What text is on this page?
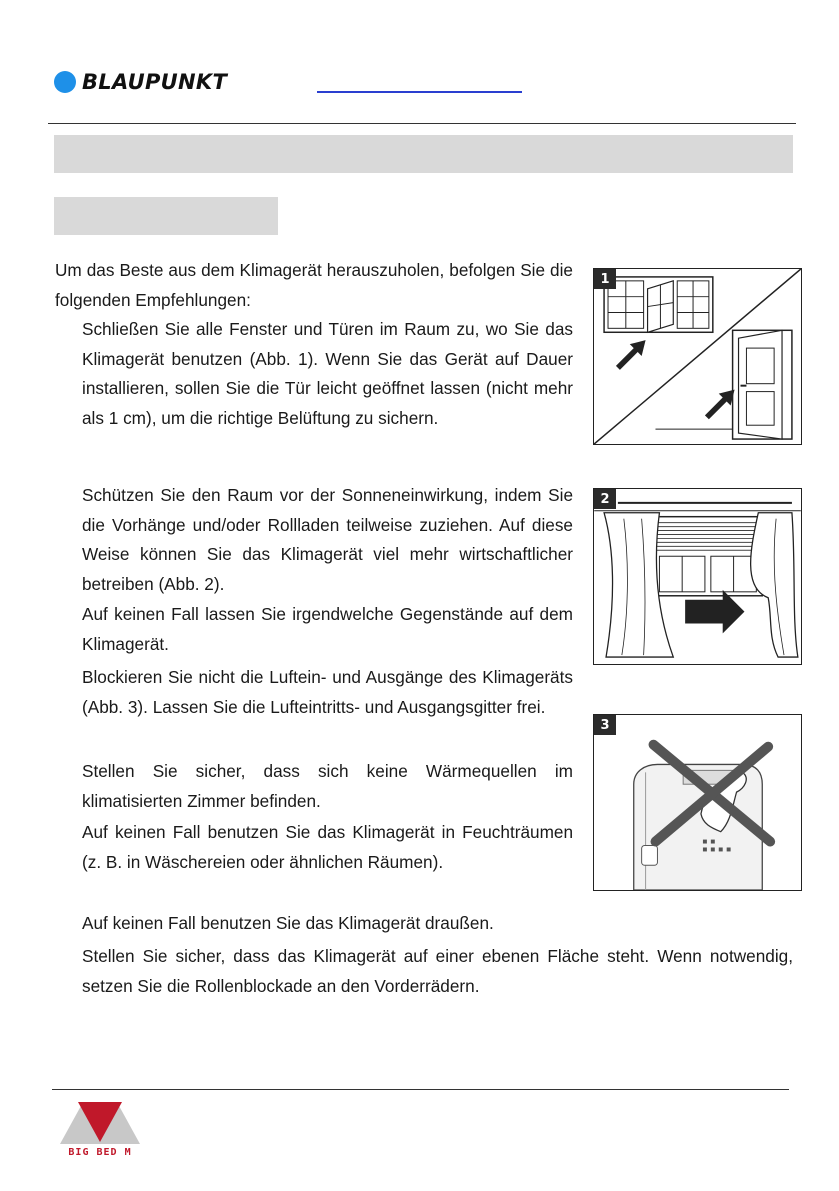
BLAUPUNKT

Um das Beste aus dem Klimagerät herauszuholen, befolgen Sie die folgenden Empfehlungen:

Schließen Sie alle Fenster und Türen im Raum zu, wo Sie das Klimagerät benutzen (Abb. 1). Wenn Sie das Gerät auf Dauer installieren, sollen Sie die Tür leicht geöffnet lassen (nicht mehr als 1 cm), um die richtige Belüftung zu sichern.

Schützen Sie den Raum vor der Sonneneinwirkung, indem Sie die Vorhänge und/oder Rollladen teilweise zuziehen. Auf diese Weise können Sie das Klimagerät viel mehr wirtschaftlicher betreiben (Abb. 2).

Auf keinen Fall lassen Sie irgendwelche Gegenstände auf dem Klimagerät.

Blockieren Sie nicht die Luftein- und Ausgänge des Klimageräts (Abb. 3). Lassen Sie die Lufteintritts- und Ausgangsgitter frei.

Stellen Sie sicher, dass sich keine Wärmequellen im klimatisierten Zimmer befinden.

Auf keinen Fall benutzen Sie das Klimagerät in Feuchträumen (z. B. in Wäschereien oder ähnlichen Räumen).

Auf keinen Fall benutzen Sie das Klimagerät draußen.

Stellen Sie sicher, dass das Klimagerät auf einer ebenen Fläche steht. Wenn notwendig, setzen Sie die Rollenblockade an den Vorderrädern.

1
2
3
BIG BED M
